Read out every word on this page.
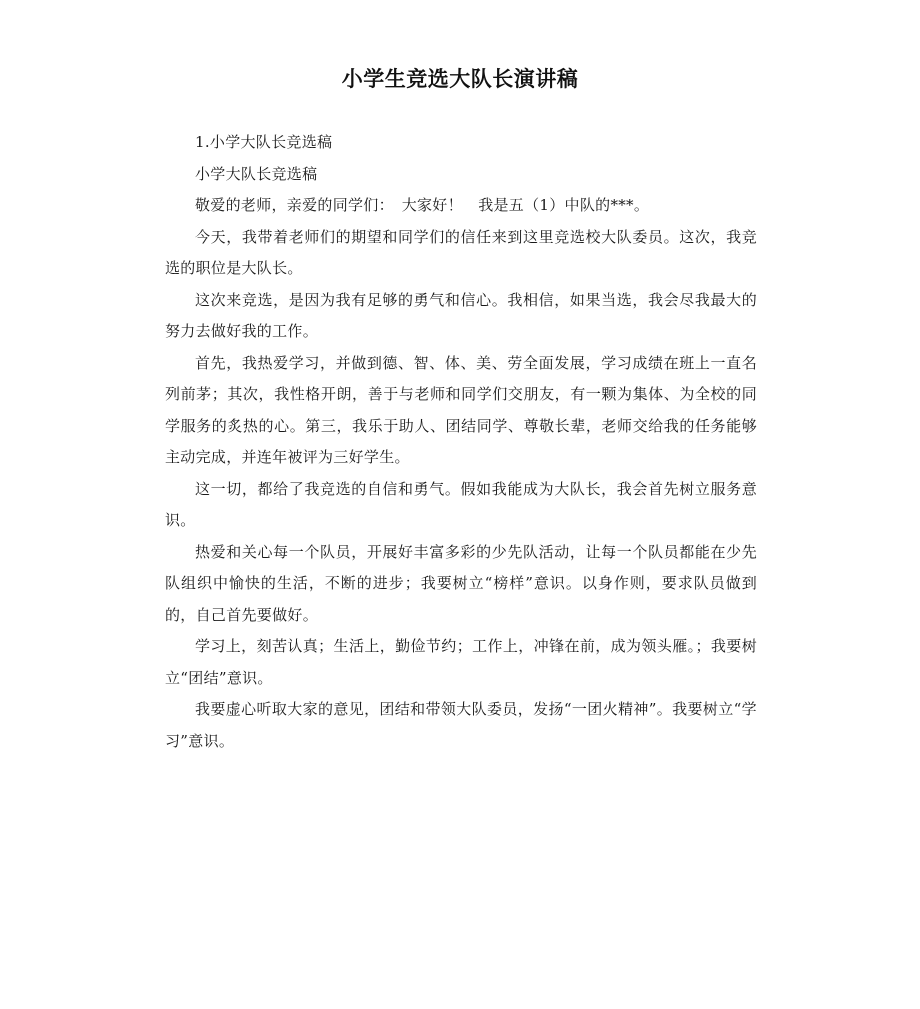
小学生竞选大队长演讲稿

1.小学大队长竞选稿

小学大队长竞选稿

敬爱的老师，亲爱的同学们：　大家好！　我是五（1）中队的***。

今天，我带着老师们的期望和同学们的信任来到这里竞选校大队委员。这次，我竞选的职位是大队长。

这次来竞选，是因为我有足够的勇气和信心。我相信，如果当选，我会尽我最大的努力去做好我的工作。

首先，我热爱学习，并做到德、智、体、美、劳全面发展，学习成绩在班上一直名列前茅；其次，我性格开朗，善于与老师和同学们交朋友，有一颗为集体、为全校的同学服务的炙热的心。第三，我乐于助人、团结同学、尊敬长辈，老师交给我的任务能够主动完成，并连年被评为三好学生。

这一切，都给了我竞选的自信和勇气。假如我能成为大队长，我会首先树立服务意识。

热爱和关心每一个队员，开展好丰富多彩的少先队活动，让每一个队员都能在少先队组织中愉快的生活，不断的进步；我要树立“榜样”意识。以身作则，要求队员做到的，自己首先要做好。

学习上，刻苦认真；生活上，勤俭节约；工作上，冲锋在前，成为领头雁。；我要树立“团结”意识。

我要虚心听取大家的意见，团结和带领大队委员，发扬“一团火精神”。我要树立“学习”意识。
